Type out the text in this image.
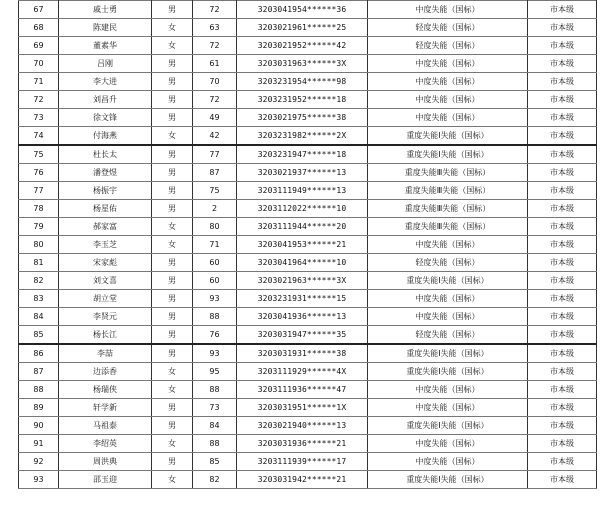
67	戚士勇	男	72	3203041954******36	中度失能（国标）	市本级
68	陈建民	女	63	3203021961******25	轻度失能（国标）	市本级
69	董素华	女	72	3203021952******42	轻度失能（国标）	市本级
70	吕刚	男	61	3203031963******3X	中度失能（国标）	市本级
71	李大进	男	70	3203231954******98	中度失能（国标）	市本级
72	刘昌升	男	72	3203231952******18	中度失能（国标）	市本级
73	徐文锋	男	49	3203021975******38	中度失能（国标）	市本级
74	付海燕	女	42	3203231982******2X	重度失能Ⅰ失能（国标）	市本级
75	杜长太	男	77	3203231947******18	重度失能Ⅰ失能（国标）	市本级
76	潘登煜	男	87	3203021937******13	重度失能Ⅲ失能（国标）	市本级
77	杨振宇	男	75	3203111949******13	重度失能Ⅲ失能（国标）	市本级
78	杨星佑	男	2	3203112022******10	重度失能Ⅲ失能（国标）	市本级
79	郝家富	女	80	3203111944******20	重度失能Ⅲ失能（国标）	市本级
80	李玉芝	女	71	3203041953******21	中度失能（国标）	市本级
81	宋家彪	男	60	3203041964******10	轻度失能（国标）	市本级
82	刘文喜	男	60	3203021963******3X	重度失能Ⅰ失能（国标）	市本级
83	胡立堂	男	93	3203231931******15	中度失能（国标）	市本级
84	李贤元	男	88	3203041936******13	中度失能（国标）	市本级
85	杨长江	男	76	3203031947******35	轻度失能（国标）	市本级
86	李喆	男	93	3203031931******38	重度失能Ⅰ失能（国标）	市本级
87	边添香	女	95	3203111929******4X	重度失能Ⅰ失能（国标）	市本级
88	杨瑞侠	女	88	3203111936******47	中度失能（国标）	市本级
89	轩学新	男	73	3203031951******1X	中度失能（国标）	市本级
90	马祖泰	男	84	3203021940******13	重度失能Ⅰ失能（国标）	市本级
91	李绍英	女	88	3203031936******21	中度失能（国标）	市本级
92	周洪典	男	85	3203111939******17	中度失能（国标）	市本级
93	邵玉迎	女	82	3203031942******21	重度失能Ⅰ失能（国标）	市本级
